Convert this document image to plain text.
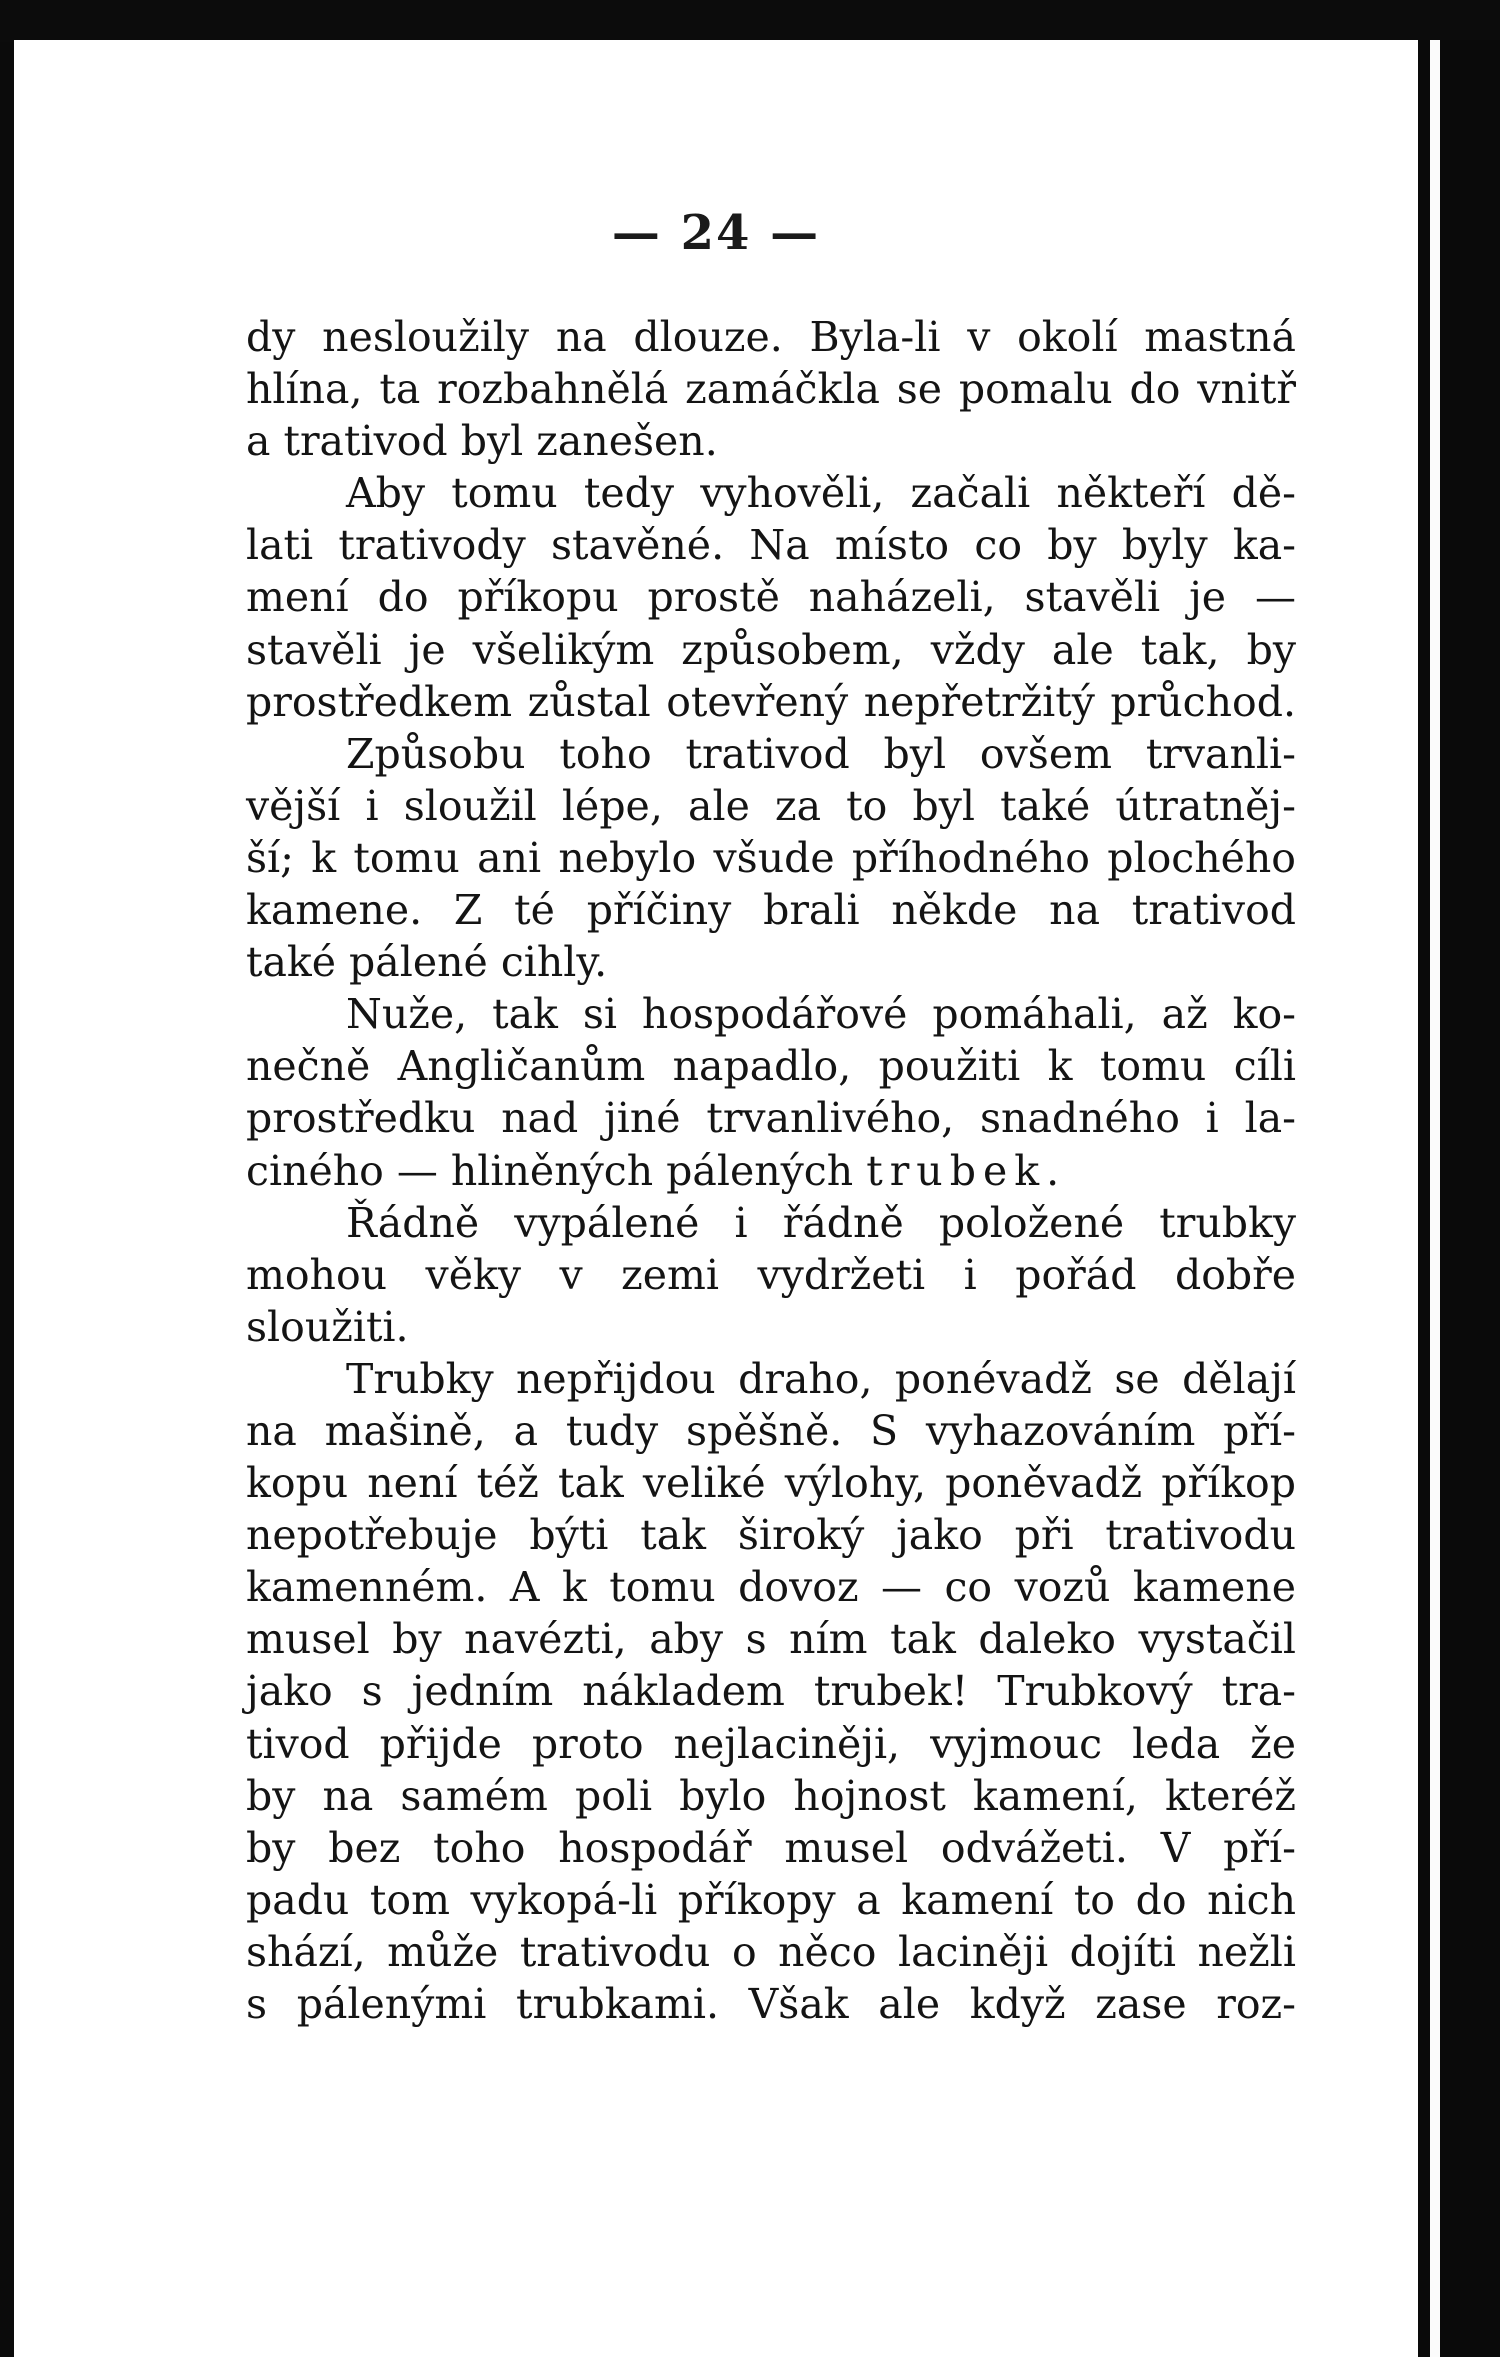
— 24 —
dy nesloužily na dlouze. Byla-li v okolí mastná
hlína, ta rozbahnělá zamáčkla se pomalu do vnitř
a trativod byl zanešen.
Aby tomu tedy vyhověli, začali někteří dě-
lati trativody stavěné. Na místo co by byly ka-
mení do příkopu prostě naházeli, stavěli je —
stavěli je všelikým způsobem, vždy ale tak, by
prostředkem zůstal otevřený nepřetržitý průchod.
Způsobu toho trativod byl ovšem trvanli-
vější i sloužil lépe, ale za to byl také útratněj-
ší; k tomu ani nebylo všude příhodného plochého
kamene. Z té příčiny brali někde na trativod
také pálené cihly.
Nuže, tak si hospodářové pomáhali, až ko-
nečně Angličanům napadlo, použiti k tomu cíli
prostředku nad jiné trvanlivého, snadného i la-
ciného — hliněných pálených trubek.
Řádně vypálené i řádně položené trubky
mohou věky v zemi vydržeti i pořád dobře
sloužiti.
Trubky nepřijdou draho, ponévadž se dělají
na mašině, a tudy spěšně. S vyhazováním pří-
kopu není též tak veliké výlohy, poněvadž příkop
nepotřebuje býti tak široký jako při trativodu
kamenném. A k tomu dovoz — co vozů kamene
musel by navézti, aby s ním tak daleko vystačil
jako s jedním nákladem trubek! Trubkový tra-
tivod přijde proto nejlaciněji, vyjmouc leda že
by na samém poli bylo hojnost kamení, kteréž
by bez toho hospodář musel odvážeti. V pří-
padu tom vykopá-li příkopy a kamení to do nich
shází, může trativodu o něco laciněji dojíti nežli
s pálenými trubkami. Však ale když zase roz-
